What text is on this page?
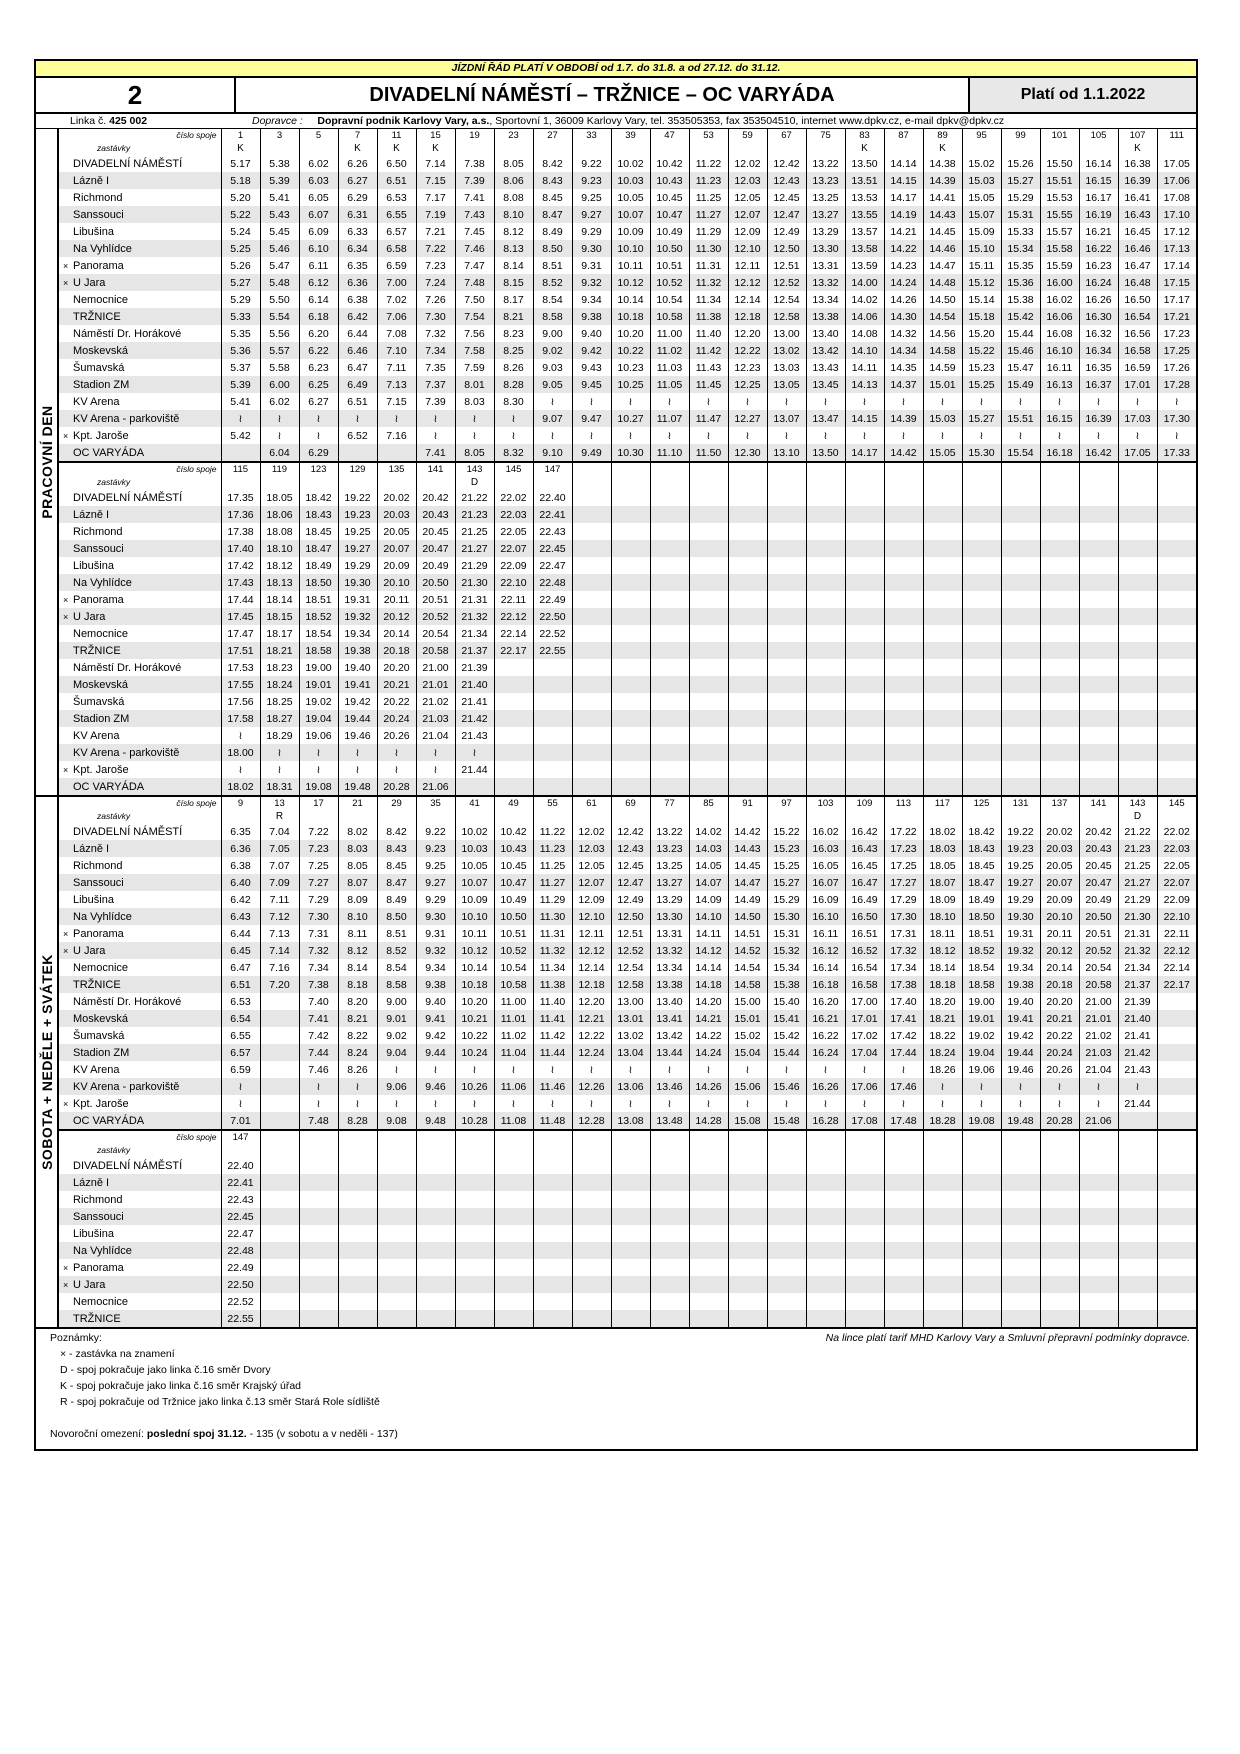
JÍZDNÍ ŘÁD PLATÍ V OBDOBÍ od 1.7. do 31.8. a od 27.12. do 31.12.
2	DIVADELNÍ NÁMĚSTÍ – TRŽNICE – OC VARYÁDA	Platí od 1.1.2022
Linka č. 425 002	Dopravce : Dopravní podnik Karlovy Vary, a.s., Sportovní 1, 36009 Karlovy Vary, tel. 353505353, fax 353504510, internet www.dpkv.cz, e-mail dpkv@dpkv.cz
PRACOVNÍ DEN
číslo spoje	1	3	5	7	11	15	19	23	27	33	39	47	53	59	67	75	83	87	89	95	99	101	105	107	111
zastávky	K			K	K	K											K		K					K	
DIVADELNÍ NÁMĚSTÍ	5.17	5.38	6.02	6.26	6.50	7.14	7.38	8.05	8.42	9.22	10.02	10.42	11.22	12.02	12.42	13.22	13.50	14.14	14.38	15.02	15.26	15.50	16.14	16.38	17.05
Lázně I	5.18	5.39	6.03	6.27	6.51	7.15	7.39	8.06	8.43	9.23	10.03	10.43	11.23	12.03	12.43	13.23	13.51	14.15	14.39	15.03	15.27	15.51	16.15	16.39	17.06
Richmond	5.20	5.41	6.05	6.29	6.53	7.17	7.41	8.08	8.45	9.25	10.05	10.45	11.25	12.05	12.45	13.25	13.53	14.17	14.41	15.05	15.29	15.53	16.17	16.41	17.08
Sanssouci	5.22	5.43	6.07	6.31	6.55	7.19	7.43	8.10	8.47	9.27	10.07	10.47	11.27	12.07	12.47	13.27	13.55	14.19	14.43	15.07	15.31	15.55	16.19	16.43	17.10
Libušina	5.24	5.45	6.09	6.33	6.57	7.21	7.45	8.12	8.49	9.29	10.09	10.49	11.29	12.09	12.49	13.29	13.57	14.21	14.45	15.09	15.33	15.57	16.21	16.45	17.12
Na Vyhlídce	5.25	5.46	6.10	6.34	6.58	7.22	7.46	8.13	8.50	9.30	10.10	10.50	11.30	12.10	12.50	13.30	13.58	14.22	14.46	15.10	15.34	15.58	16.22	16.46	17.13
× Panorama	5.26	5.47	6.11	6.35	6.59	7.23	7.47	8.14	8.51	9.31	10.11	10.51	11.31	12.11	12.51	13.31	13.59	14.23	14.47	15.11	15.35	15.59	16.23	16.47	17.14
× U Jara	5.27	5.48	6.12	6.36	7.00	7.24	7.48	8.15	8.52	9.32	10.12	10.52	11.32	12.12	12.52	13.32	14.00	14.24	14.48	15.12	15.36	16.00	16.24	16.48	17.15
Nemocnice	5.29	5.50	6.14	6.38	7.02	7.26	7.50	8.17	8.54	9.34	10.14	10.54	11.34	12.14	12.54	13.34	14.02	14.26	14.50	15.14	15.38	16.02	16.26	16.50	17.17
TRŽNICE	5.33	5.54	6.18	6.42	7.06	7.30	7.54	8.21	8.58	9.38	10.18	10.58	11.38	12.18	12.58	13.38	14.06	14.30	14.54	15.18	15.42	16.06	16.30	16.54	17.21
Náměstí Dr. Horákové	5.35	5.56	6.20	6.44	7.08	7.32	7.56	8.23	9.00	9.40	10.20	11.00	11.40	12.20	13.00	13.40	14.08	14.32	14.56	15.20	15.44	16.08	16.32	16.56	17.23
Moskevská	5.36	5.57	6.22	6.46	7.10	7.34	7.58	8.25	9.02	9.42	10.22	11.02	11.42	12.22	13.02	13.42	14.10	14.34	14.58	15.22	15.46	16.10	16.34	16.58	17.25
Šumavská	5.37	5.58	6.23	6.47	7.11	7.35	7.59	8.26	9.03	9.43	10.23	11.03	11.43	12.23	13.03	13.43	14.11	14.35	14.59	15.23	15.47	16.11	16.35	16.59	17.26
Stadion ZM	5.39	6.00	6.25	6.49	7.13	7.37	8.01	8.28	9.05	9.45	10.25	11.05	11.45	12.25	13.05	13.45	14.13	14.37	15.01	15.25	15.49	16.13	16.37	17.01	17.28
KV Arena	5.41	6.02	6.27	6.51	7.15	7.39	8.03	8.30	≀	≀	≀	≀	≀	≀	≀	≀	≀	≀	≀	≀	≀	≀	≀	≀	≀
KV Arena - parkoviště	≀	≀	≀	≀	≀	≀	≀	≀	9.07	9.47	10.27	11.07	11.47	12.27	13.07	13.47	14.15	14.39	15.03	15.27	15.51	16.15	16.39	17.03	17.30
× Kpt. Jaroše	5.42	≀	≀	6.52	7.16	≀	≀	≀	≀	≀	≀	≀	≀	≀	≀	≀	≀	≀	≀	≀	≀	≀	≀	≀	≀
OC VARYÁDA		6.04	6.29			7.41	8.05	8.32	9.10	9.49	10.30	11.10	11.50	12.30	13.10	13.50	14.17	14.42	15.05	15.30	15.54	16.18	16.42	17.05	17.33
číslo spoje	115	119	123	129	135	141	143	145	147																
zastávky							D																		
DIVADELNÍ NÁMĚSTÍ	17.35	18.05	18.42	19.22	20.02	20.42	21.22	22.02	22.40																
Lázně I	17.36	18.06	18.43	19.23	20.03	20.43	21.23	22.03	22.41																
Richmond	17.38	18.08	18.45	19.25	20.05	20.45	21.25	22.05	22.43																
Sanssouci	17.40	18.10	18.47	19.27	20.07	20.47	21.27	22.07	22.45																
Libušina	17.42	18.12	18.49	19.29	20.09	20.49	21.29	22.09	22.47																
Na Vyhlídce	17.43	18.13	18.50	19.30	20.10	20.50	21.30	22.10	22.48																
× Panorama	17.44	18.14	18.51	19.31	20.11	20.51	21.31	22.11	22.49																
× U Jara	17.45	18.15	18.52	19.32	20.12	20.52	21.32	22.12	22.50																
Nemocnice	17.47	18.17	18.54	19.34	20.14	20.54	21.34	22.14	22.52																
TRŽNICE	17.51	18.21	18.58	19.38	20.18	20.58	21.37	22.17	22.55																
Náměstí Dr. Horákové	17.53	18.23	19.00	19.40	20.20	21.00	21.39																		
Moskevská	17.55	18.24	19.01	19.41	20.21	21.01	21.40																		
Šumavská	17.56	18.25	19.02	19.42	20.22	21.02	21.41																		
Stadion ZM	17.58	18.27	19.04	19.44	20.24	21.03	21.42																		
KV Arena	≀	18.29	19.06	19.46	20.26	21.04	21.43																		
KV Arena - parkoviště	18.00	≀	≀	≀	≀	≀	≀																		
× Kpt. Jaroše	≀	≀	≀	≀	≀	≀	21.44																		
OC VARYÁDA	18.02	18.31	19.08	19.48	20.28	21.06																			
SOBOTA + NEDĚLE + SVÁTEK
číslo spoje	9	13	17	21	29	35	41	49	55	61	69	77	85	91	97	103	109	113	117	125	131	137	141	143	145
zastávky		R																						D	
DIVADELNÍ NÁMĚSTÍ	6.35	7.04	7.22	8.02	8.42	9.22	10.02	10.42	11.22	12.02	12.42	13.22	14.02	14.42	15.22	16.02	16.42	17.22	18.02	18.42	19.22	20.02	20.42	21.22	22.02
Lázně I	6.36	7.05	7.23	8.03	8.43	9.23	10.03	10.43	11.23	12.03	12.43	13.23	14.03	14.43	15.23	16.03	16.43	17.23	18.03	18.43	19.23	20.03	20.43	21.23	22.03
Richmond	6.38	7.07	7.25	8.05	8.45	9.25	10.05	10.45	11.25	12.05	12.45	13.25	14.05	14.45	15.25	16.05	16.45	17.25	18.05	18.45	19.25	20.05	20.45	21.25	22.05
Sanssouci	6.40	7.09	7.27	8.07	8.47	9.27	10.07	10.47	11.27	12.07	12.47	13.27	14.07	14.47	15.27	16.07	16.47	17.27	18.07	18.47	19.27	20.07	20.47	21.27	22.07
Libušina	6.42	7.11	7.29	8.09	8.49	9.29	10.09	10.49	11.29	12.09	12.49	13.29	14.09	14.49	15.29	16.09	16.49	17.29	18.09	18.49	19.29	20.09	20.49	21.29	22.09
Na Vyhlídce	6.43	7.12	7.30	8.10	8.50	9.30	10.10	10.50	11.30	12.10	12.50	13.30	14.10	14.50	15.30	16.10	16.50	17.30	18.10	18.50	19.30	20.10	20.50	21.30	22.10
× Panorama	6.44	7.13	7.31	8.11	8.51	9.31	10.11	10.51	11.31	12.11	12.51	13.31	14.11	14.51	15.31	16.11	16.51	17.31	18.11	18.51	19.31	20.11	20.51	21.31	22.11
× U Jara	6.45	7.14	7.32	8.12	8.52	9.32	10.12	10.52	11.32	12.12	12.52	13.32	14.12	14.52	15.32	16.12	16.52	17.32	18.12	18.52	19.32	20.12	20.52	21.32	22.12
Nemocnice	6.47	7.16	7.34	8.14	8.54	9.34	10.14	10.54	11.34	12.14	12.54	13.34	14.14	14.54	15.34	16.14	16.54	17.34	18.14	18.54	19.34	20.14	20.54	21.34	22.14
TRŽNICE	6.51	7.20	7.38	8.18	8.58	9.38	10.18	10.58	11.38	12.18	12.58	13.38	14.18	14.58	15.38	16.18	16.58	17.38	18.18	18.58	19.38	20.18	20.58	21.37	22.17
Náměstí Dr. Horákové	6.53		7.40	8.20	9.00	9.40	10.20	11.00	11.40	12.20	13.00	13.40	14.20	15.00	15.40	16.20	17.00	17.40	18.20	19.00	19.40	20.20	21.00	21.39	
Moskevská	6.54		7.41	8.21	9.01	9.41	10.21	11.01	11.41	12.21	13.01	13.41	14.21	15.01	15.41	16.21	17.01	17.41	18.21	19.01	19.41	20.21	21.01	21.40	
Šumavská	6.55		7.42	8.22	9.02	9.42	10.22	11.02	11.42	12.22	13.02	13.42	14.22	15.02	15.42	16.22	17.02	17.42	18.22	19.02	19.42	20.22	21.02	21.41	
Stadion ZM	6.57		7.44	8.24	9.04	9.44	10.24	11.04	11.44	12.24	13.04	13.44	14.24	15.04	15.44	16.24	17.04	17.44	18.24	19.04	19.44	20.24	21.03	21.42	
KV Arena	6.59		7.46	8.26	≀	≀	≀	≀	≀	≀	≀	≀	≀	≀	≀	≀	≀	≀	18.26	19.06	19.46	20.26	21.04	21.43	
KV Arena - parkoviště	≀		≀	≀	9.06	9.46	10.26	11.06	11.46	12.26	13.06	13.46	14.26	15.06	15.46	16.26	17.06	17.46	≀	≀	≀	≀	≀	≀	
× Kpt. Jaroše	≀		≀	≀	≀	≀	≀	≀	≀	≀	≀	≀	≀	≀	≀	≀	≀	≀	≀	≀	≀	≀	≀	21.44	
OC VARYÁDA	7.01		7.48	8.28	9.08	9.48	10.28	11.08	11.48	12.28	13.08	13.48	14.28	15.08	15.48	16.28	17.08	17.48	18.28	19.08	19.48	20.28	21.06		
číslo spoje	147																								
zastávky																									
DIVADELNÍ NÁMĚSTÍ	22.40																								
Lázně I	22.41																								
Richmond	22.43																								
Sanssouci	22.45																								
Libušina	22.47																								
Na Vyhlídce	22.48																								
× Panorama	22.49																								
× U Jara	22.50																								
Nemocnice	22.52																								
TRŽNICE	22.55																								
Poznámky:	Na lince platí tarif MHD Karlovy Vary a Smluvní přepravní podmínky dopravce.
× - zastávka na znamení
D - spoj pokračuje jako linka č.16 směr Dvory
K - spoj pokračuje jako linka č.16 směr Krajský úřad
R - spoj pokračuje od Tržnice jako linka č.13 směr Stará Role sídliště
Novoroční omezení: poslední spoj 31.12. - 135 (v sobotu a v neděli - 137)
